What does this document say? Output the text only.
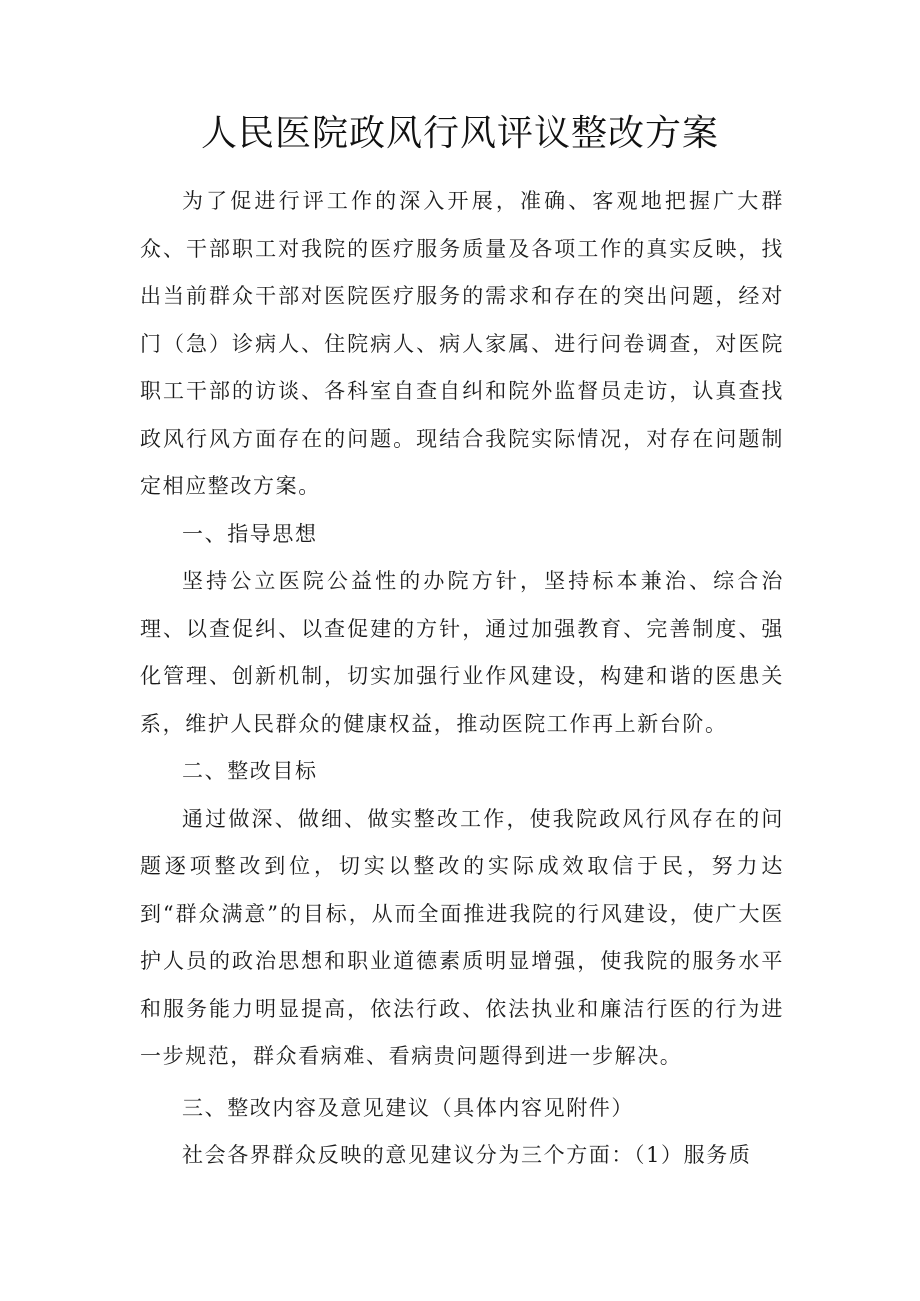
人民医院政风行风评议整改方案

为了促进行评工作的深入开展，准确、客观地把握广大群众、干部职工对我院的医疗服务质量及各项工作的真实反映，找出当前群众干部对医院医疗服务的需求和存在的突出问题，经对门（急）诊病人、住院病人、病人家属、进行问卷调查，对医院职工干部的访谈、各科室自查自纠和院外监督员走访，认真查找政风行风方面存在的问题。现结合我院实际情况，对存在问题制定相应整改方案。

一、指导思想

坚持公立医院公益性的办院方针，坚持标本兼治、综合治理、以查促纠、以查促建的方针，通过加强教育、完善制度、强化管理、创新机制，切实加强行业作风建设，构建和谐的医患关系，维护人民群众的健康权益，推动医院工作再上新台阶。

二、整改目标

通过做深、做细、做实整改工作，使我院政风行风存在的问题逐项整改到位，切实以整改的实际成效取信于民，努力达到“群众满意”的目标，从而全面推进我院的行风建设，使广大医护人员的政治思想和职业道德素质明显增强，使我院的服务水平和服务能力明显提高，依法行政、依法执业和廉洁行医的行为进一步规范，群众看病难、看病贵问题得到进一步解决。

三、整改内容及意见建议（具体内容见附件）

社会各界群众反映的意见建议分为三个方面：（1）服务质
